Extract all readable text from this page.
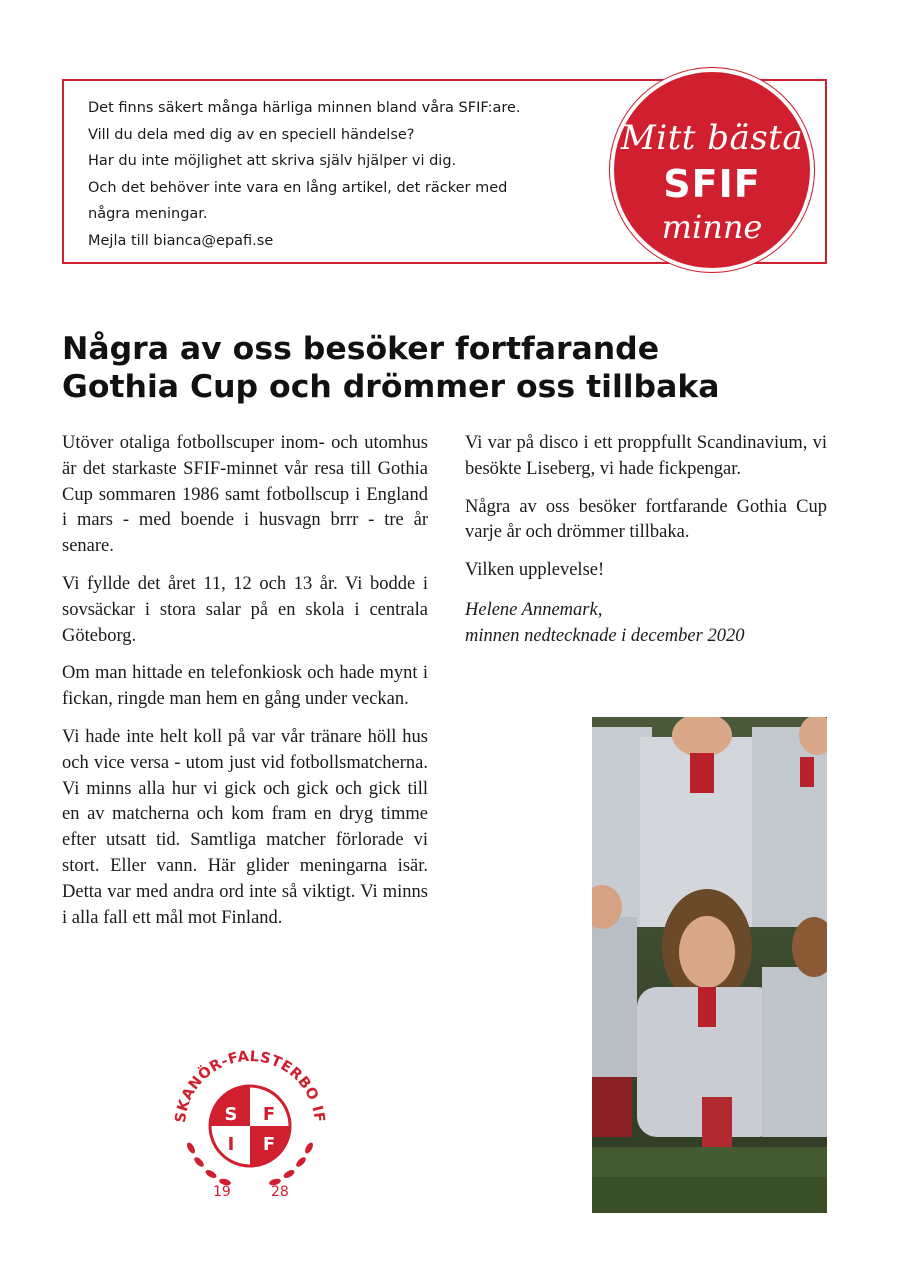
Det finns säkert många härliga minnen bland våra SFIF:are.
Vill du dela med dig av en speciell händelse?
Har du inte möjlighet att skriva själv hjälper vi dig.
Och det behöver inte vara en lång artikel, det räcker med
några meningar.
Mejla till bianca@epafi.se
Mitt bästa
SFIF
minne
Några av oss besöker fortfarande
Gothia Cup och drömmer oss tillbaka

Utöver otaliga fotbollscuper inom- och utomhus är det starkaste SFIF-minnet vår resa till Gothia Cup sommaren 1986 samt fotbollscup i England i mars - med boende i husvagn brrr - tre år senare.

Vi fyllde det året 11, 12 och 13 år. Vi bodde i sovsäckar i stora salar på en skola i centrala Göteborg.

Om man hittade en telefonkiosk och hade mynt i fickan, ringde man hem en gång under veckan.

Vi hade inte helt koll på var vår tränare höll hus och vice versa - utom just vid fotbollsmatcherna. Vi minns alla hur vi gick och gick och gick till en av matcherna och kom fram en dryg timme efter utsatt tid. Samtliga matcher förlorade vi stort. Eller vann. Här glider meningarna isär. Detta var med andra ord inte så viktigt. Vi minns i alla fall ett mål mot Finland.

Vi var på disco i ett proppfullt Scandinavium, vi besökte Liseberg, vi hade fickpengar.

Några av oss besöker fortfarande Gothia Cup varje år och drömmer tillbaka.

Vilken upplevelse!

Helene Annemark,
minnen nedtecknade i december 2020
S F
I F
SKANÖR-FALSTERBO IF
19	28
